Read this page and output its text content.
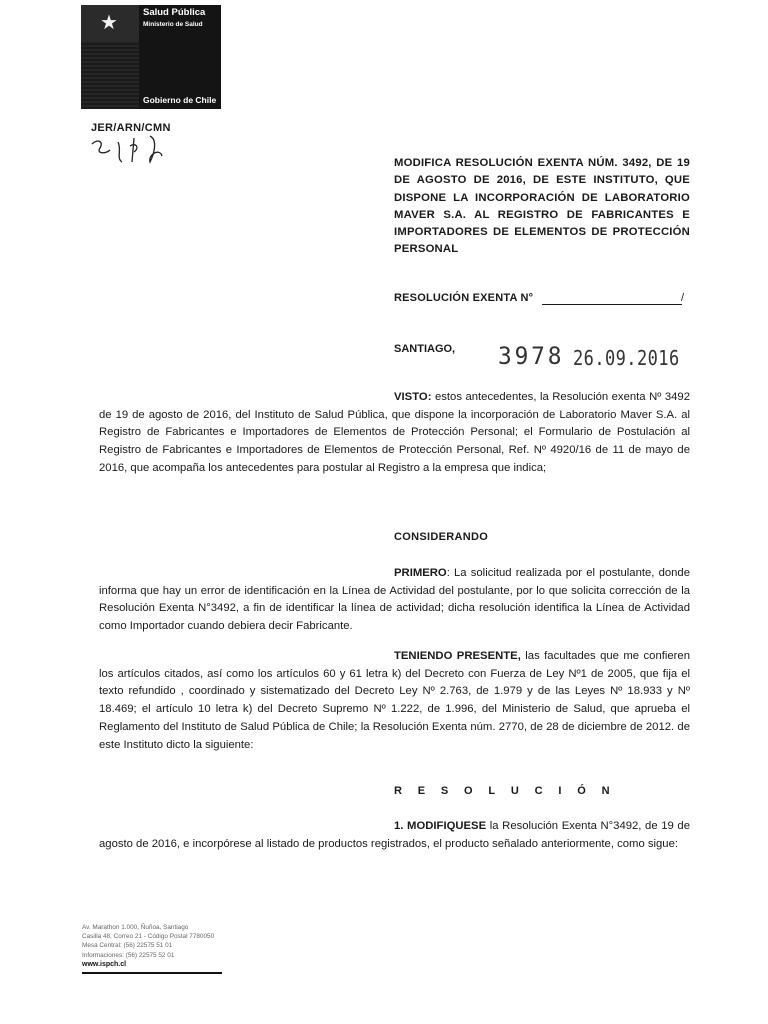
★	Salud Pública
Ministerio de Salud
Gobierno de Chile
JER/ARN/CMN
MODIFICA RESOLUCIÓN EXENTA NÚM. 3492, DE 19 DE AGOSTO DE 2016, DE ESTE INSTITUTO, QUE DISPONE LA INCORPORACIÓN DE LABORATORIO MAVER S.A. AL REGISTRO DE FABRICANTES E IMPORTADORES DE ELEMENTOS DE PROTECCIÓN PERSONAL
RESOLUCIÓN EXENTA N°	/
SANTIAGO, 3978 26.09.2016
VISTO: estos antecedentes, la Resolución exenta Nº 3492 de 19 de agosto de 2016, del Instituto de Salud Pública, que dispone la incorporación de Laboratorio Maver S.A. al Registro de Fabricantes e Importadores de Elementos de Protección Personal; el Formulario de Postulación al Registro de Fabricantes e Importadores de Elementos de Protección Personal, Ref. Nº 4920/16 de 11 de mayo de 2016, que acompaña los antecedentes para postular al Registro a la empresa que indica;
CONSIDERANDO
PRIMERO: La solicitud realizada por el postulante, donde informa que hay un error de identificación en la Línea de Actividad del postulante, por lo que solicita corrección de la Resolución Exenta N°3492, a fin de identificar la línea de actividad; dicha resolución identifica la Línea de Actividad como Importador cuando debiera decir Fabricante.
TENIENDO PRESENTE, las facultades que me confieren los artículos citados, así como los artículos 60 y 61 letra k) del Decreto con Fuerza de Ley Nº1 de 2005, que fija el texto refundido , coordinado y sistematizado del Decreto Ley Nº 2.763, de 1.979 y de las Leyes Nº 18.933 y Nº 18.469; el artículo 10 letra k) del Decreto Supremo Nº 1.222, de 1.996, del Ministerio de Salud, que aprueba el Reglamento del Instituto de Salud Pública de Chile; la Resolución Exenta núm. 2770, de 28 de diciembre de 2012. de este Instituto dicto la siguiente:
RESOLUCIÓN
1. MODIFIQUESE la Resolución Exenta N°3492, de 19 de agosto de 2016, e incorpórese al listado de productos registrados, el producto señalado anteriormente, como sigue:
Av. Marathon 1.000, Ñuñoa, Santiago
Casilla 48, Correo 21 - Código Postal 7780050
Mesa Central: (56) 22575 51 01
Informaciones: (56) 22575 52 01
www.ispch.cl
